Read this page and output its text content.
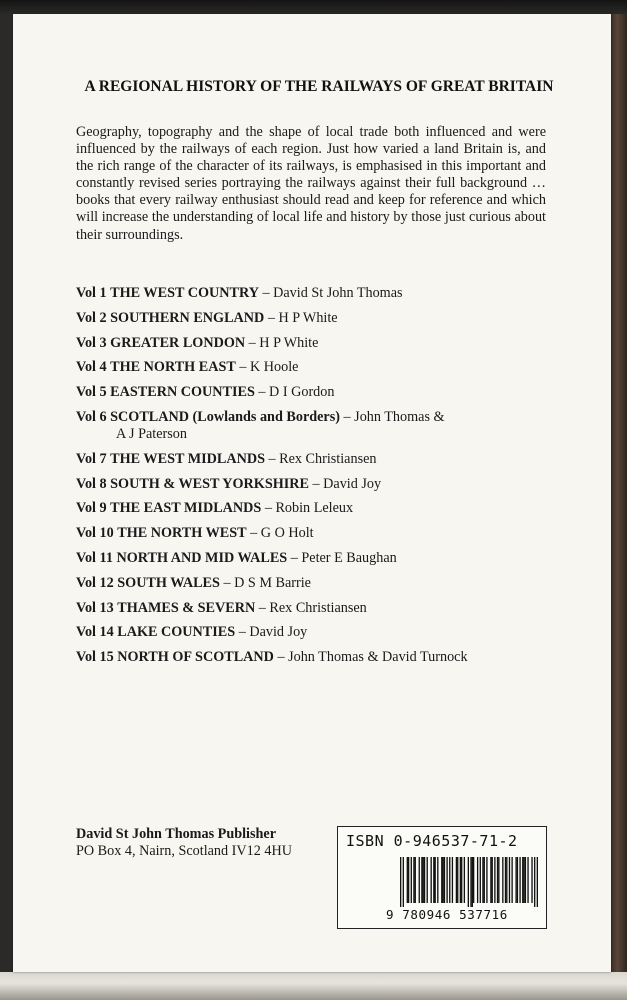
A REGIONAL HISTORY OF THE RAILWAYS OF GREAT BRITAIN
Geography, topography and the shape of local trade both influenced and were influenced by the railways of each region. Just how varied a land Britain is, and the rich range of the character of its railways, is emphasised in this important and constantly revised series portraying the railways against their full background … books that every railway enthusiast should read and keep for reference and which will increase the understanding of local life and history by those just curious about their surroundings.
Vol 1 THE WEST COUNTRY – David St John Thomas
Vol 2 SOUTHERN ENGLAND – H P White
Vol 3 GREATER LONDON – H P White
Vol 4 THE NORTH EAST – K Hoole
Vol 5 EASTERN COUNTIES – D I Gordon
Vol 6 SCOTLAND (Lowlands and Borders) – John Thomas &
A J Paterson
Vol 7 THE WEST MIDLANDS – Rex Christiansen
Vol 8 SOUTH & WEST YORKSHIRE – David Joy
Vol 9 THE EAST MIDLANDS – Robin Leleux
Vol 10 THE NORTH WEST – G O Holt
Vol 11 NORTH AND MID WALES – Peter E Baughan
Vol 12 SOUTH WALES – D S M Barrie
Vol 13 THAMES & SEVERN – Rex Christiansen
Vol 14 LAKE COUNTIES – David Joy
Vol 15 NORTH OF SCOTLAND – John Thomas & David Turnock
David St John Thomas Publisher
PO Box 4, Nairn, Scotland IV12 4HU
ISBN 0-946537-71-2
9 780946 537716
